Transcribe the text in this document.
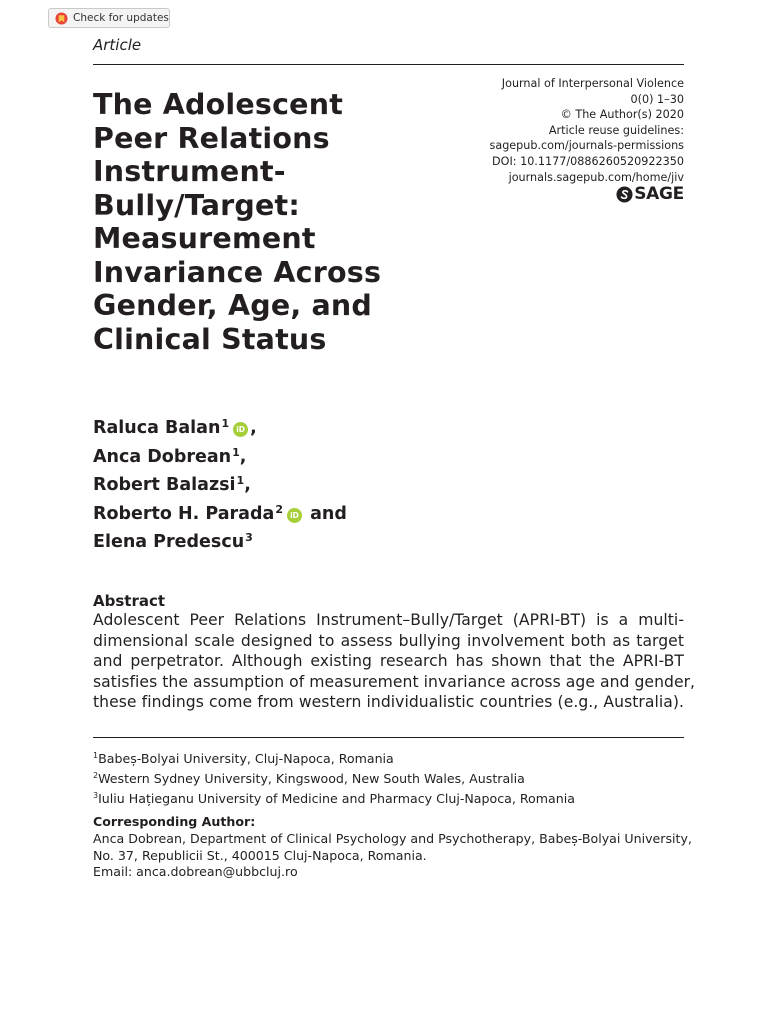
Check for updates
Article
The Adolescent
Peer Relations
Instrument-
Bully/Target:
Measurement
Invariance Across
Gender, Age, and
Clinical Status
Journal of Interpersonal Violence
0(0) 1–30
© The Author(s) 2020
Article reuse guidelines:
sagepub.com/journals-permissions
DOI: 10.1177/0886260520922350
journals.sagepub.com/home/jiv
SAGE
Raluca Balan$^1$ iD ,
Anca Dobrean$^1$,
Robert Balazsi$^1$,
Roberto H. Parada$^2$ iD and
Elena Predescu$^3$
Abstract

Adolescent Peer Relations Instrument–Bully/Target (APRI-BT) is a multi-
dimensional scale designed to assess bullying involvement both as target
and perpetrator. Although existing research has shown that the APRI-BT
satisfies the assumption of measurement invariance across age and gender,
these findings come from western individualistic countries (e.g., Australia).

$^1$Babeș-Bolyai University, Cluj-Napoca, Romania
$^2$Western Sydney University, Kingswood, New South Wales, Australia
$^3$Iuliu Hațieganu University of Medicine and Pharmacy Cluj-Napoca, Romania
Corresponding Author:
Anca Dobrean, Department of Clinical Psychology and Psychotherapy, Babeș-Bolyai University,
No. 37, Republicii St., 400015 Cluj-Napoca, Romania.
Email: anca.dobrean@ubbcluj.ro
